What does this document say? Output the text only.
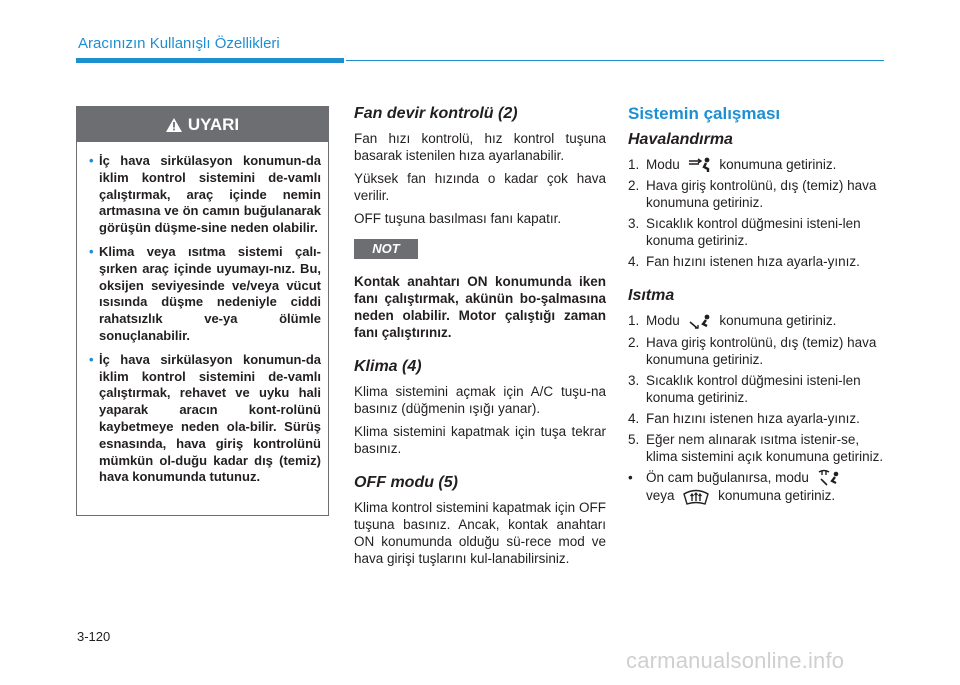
Aracınızın Kullanışlı Özellikleri
UYARI
• İç hava sirkülasyon konumun-da iklim kontrol sistemini de-vamlı çalıştırmak, araç içinde nemin artmasına ve ön camın buğulanarak görüşün düşme-sine neden olabilir.
• Klima veya ısıtma sistemi çalı-şırken araç içinde uyumayı-nız. Bu, oksijen seviyesinde ve/veya vücut ısısında düşme nedeniyle ciddi rahatsızlık ve-ya ölümle sonuçlanabilir.
• İç hava sirkülasyon konumun-da iklim kontrol sistemini de-vamlı çalıştırmak, rehavet ve uyku hali yaparak aracın kont-rolünü kaybetmeye neden ola-bilir. Sürüş esnasında, hava giriş kontrolünü mümkün ol-duğu kadar dış (temiz) hava konumunda tutunuz.
Fan devir kontrolü (2)

Fan hızı kontrolü, hız kontrol tuşuna basarak istenilen hıza ayarlanabilir.

Yüksek fan hızında o kadar çok hava verilir.

OFF tuşuna basılması fanı kapatır.

NOT

Kontak anahtarı ON konumunda iken fanı çalıştırmak, akünün bo-şalmasına neden olabilir. Motor çalıştığı zaman fanı çalıştırınız.

Klima (4)

Klima sistemini açmak için A/C tuşu-na basınız (düğmenin ışığı yanar).

Klima sistemini kapatmak için tuşa tekrar basınız.

OFF modu (5)

Klima kontrol sistemini kapatmak için OFF tuşuna basınız. Ancak, kontak anahtarı ON konumunda olduğu sü-rece mod ve hava girişi tuşlarını kul-lanabilirsiniz.

Sistemin çalışması
Havalandırma
1. Modu	konumuna getiriniz.
2. Hava giriş kontrolünü, dış (temiz) hava konumuna getiriniz.
3. Sıcaklık kontrol düğmesini isteni-len konuma getiriniz.
4. Fan hızını istenen hıza ayarla-yınız.
Isıtma
1. Modu	konumuna getiriniz.
2. Hava giriş kontrolünü, dış (temiz) hava konumuna getiriniz.
3. Sıcaklık kontrol düğmesini isteni-len konuma getiriniz.
4. Fan hızını istenen hıza ayarla-yınız.
5. Eğer nem alınarak ısıtma istenir-se, klima sistemini açık konumuna getiriniz.
• Ön cam buğulanırsa, modu
veya	konumuna getiriniz.
3-120
carmanualsonline.info
